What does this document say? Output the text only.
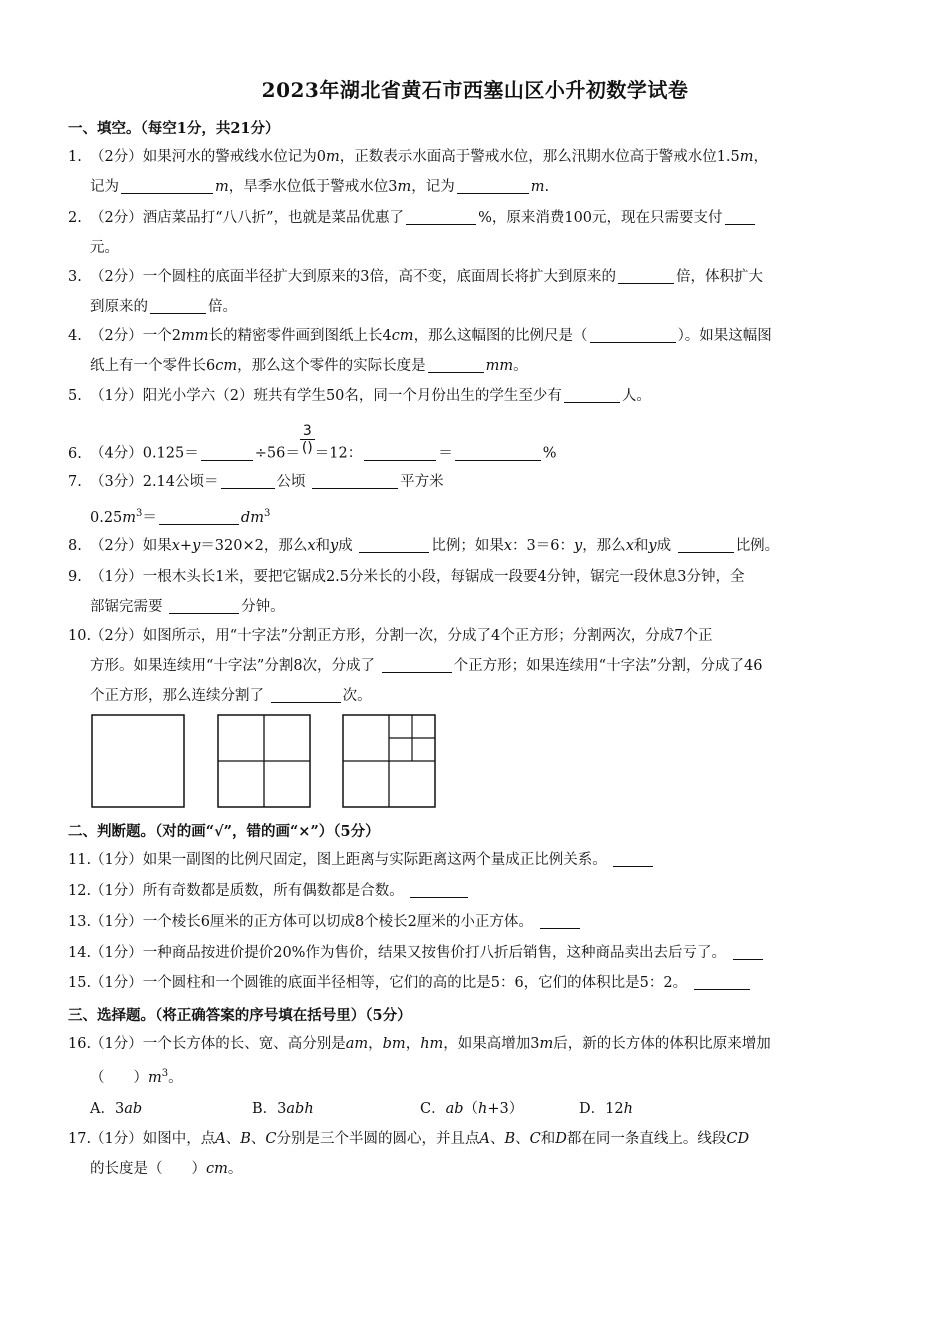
2023年湖北省黄石市西塞山区小升初数学试卷
一、填空。（每空1分，共21分）
1. （2分）如果河水的警戒线水位记为0m，正数表示水面高于警戒水位，那么汛期水位高于警戒水位1.5m，
记为	m，旱季水位低于警戒水位3m，记为	m.
2. （2分）酒店菜品打“八八折”，也就是菜品优惠了	%，原来消费100元，现在只需要支付
元。
3. （2分）一个圆柱的底面半径扩大到原来的3倍，高不变，底面周长将扩大到原来的	倍，体积扩大
到原来的	倍。
4. （2分）一个2mm长的精密零件画到图纸上长4cm，那么这幅图的比例尺是（	）。如果这幅图
纸上有一个零件长6cm，那么这个零件的实际长度是	mm。
5. （1分）阳光小学六（2）班共有学生50名，同一个月份出生的学生至少有	人。
6. （4分）0.125＝	$\div 56= \frac{3}{()} =12$：	＝	%
7. （3分）2.14公顷＝	公顷	平方米
$0.25m^3=$	$dm^3$
8. （2分）如果x+y＝320×2，那么x和y成	比例；如果x：3＝6：y，那么x和y成	比例。
9. （1分）一根木头长1米，要把它锯成2.5分米长的小段，每锯成一段要4分钟，锯完一段休息3分钟，全
部锯完需要	分钟。
10.（2分）如图所示，用“十字法”分割正方形，分割一次，分成了4个正方形；分割两次，分成7个正
方形。如果连续用“十字法”分割8次，分成了	个正方形；如果连续用“十字法”分割，分成了46
个正方形，那么连续分割了	次。
二、判断题。（对的画“√”，错的画“×”）（5分）
11.（1分）如果一副图的比例尺固定，图上距离与实际距离这两个量成正比例关系。
12.（1分）所有奇数都是质数，所有偶数都是合数。
13.（1分）一个棱长6厘米的正方体可以切成8个棱长2厘米的小正方体。
14.（1分）一种商品按进价提价20%作为售价，结果又按售价打八折后销售，这种商品卖出去后亏了。
15.（1分）一个圆柱和一个圆锥的底面半径相等，它们的高的比是5：6，它们的体积比是5：2。
三、选择题。（将正确答案的序号填在括号里）（5分）
16.（1分）一个长方体的长、宽、高分别是am，bm，hm，如果高增加3m后，新的长方体的体积比原来增加
（　　）$m^3$。
A．3ab	B．3abh	C．ab（h+3）	D．12h
17.（1分）如图中，点A、B、C分别是三个半圆的圆心，并且点A、B、C和D都在同一条直线上。线段CD
的长度是（　　）cm。
